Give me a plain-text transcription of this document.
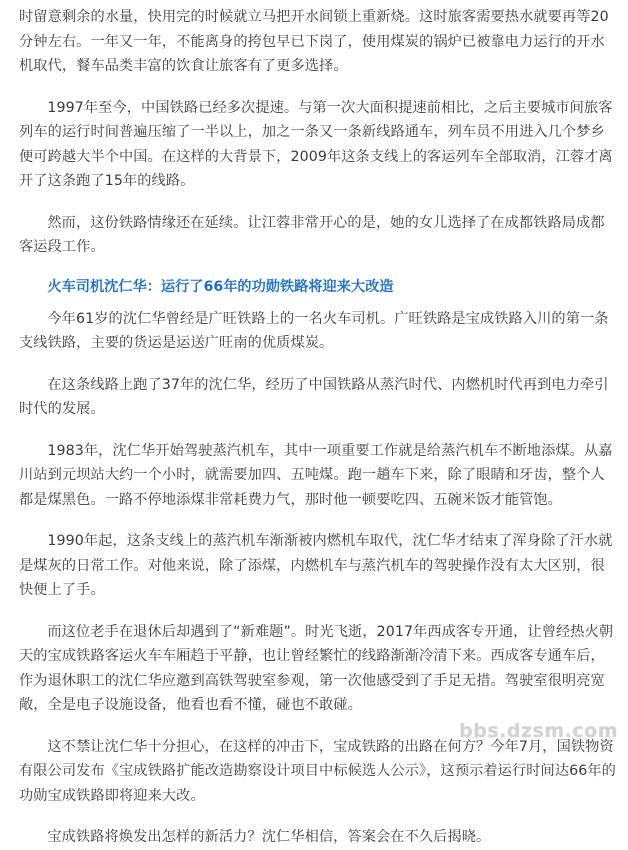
时留意剩余的水量，快用完的时候就立马把开水间锁上重新烧。这时旅客需要热水就要再等20分钟左右。一年又一年，不能离身的挎包早已下岗了，使用煤炭的锅炉已被靠电力运行的开水机取代，餐车品类丰富的饮食让旅客有了更多选择。

1997年至今，中国铁路已经多次提速。与第一次大面积提速前相比，之后主要城市间旅客列车的运行时间普遍压缩了一半以上，加之一条又一条新线路通车，列车员不用进入几个梦乡便可跨越大半个中国。在这样的大背景下，2009年这条支线上的客运列车全部取消，江蓉才离开了这条跑了15年的线路。

然而，这份铁路情缘还在延续。让江蓉非常开心的是，她的女儿选择了在成都铁路局成都客运段工作。

火车司机沈仁华：运行了66年的功勋铁路将迎来大改造

今年61岁的沈仁华曾经是广旺铁路上的一名火车司机。广旺铁路是宝成铁路入川的第一条支线铁路，主要的货运是运送广旺南的优质煤炭。

在这条线路上跑了37年的沈仁华，经历了中国铁路从蒸汽时代、内燃机时代再到电力牵引时代的发展。

1983年，沈仁华开始驾驶蒸汽机车，其中一项重要工作就是给蒸汽机车不断地添煤。从嘉川站到元坝站大约一个小时，就需要加四、五吨煤。跑一趟车下来，除了眼睛和牙齿，整个人都是煤黑色。一路不停地添煤非常耗费力气，那时他一顿要吃四、五碗米饭才能管饱。

1990年起，这条支线上的蒸汽机车渐渐被内燃机车取代，沈仁华才结束了浑身除了汗水就是煤灰的日常工作。对他来说，除了添煤，内燃机车与蒸汽机车的驾驶操作没有太大区别，很快便上了手。

而这位老手在退休后却遇到了“新难题”。时光飞逝，2017年西成客专开通，让曾经热火朝天的宝成铁路客运火车车厢趋于平静，也让曾经繁忙的线路渐渐冷清下来。西成客专通车后，作为退休职工的沈仁华应邀到高铁驾驶室参观，第一次他感受到了手足无措。驾驶室很明亮宽敞，全是电子设施设备，他看也看不懂，碰也不敢碰。

这不禁让沈仁华十分担心，在这样的冲击下，宝成铁路的出路在何方？今年7月，国铁物资有限公司发布《宝成铁路扩能改造勘察设计项目中标候选人公示》，这预示着运行时间达66年的功勋宝成铁路即将迎来大改。

宝成铁路将焕发出怎样的新活力？沈仁华相信，答案会在不久后揭晓。

bbs.dzsm.com
